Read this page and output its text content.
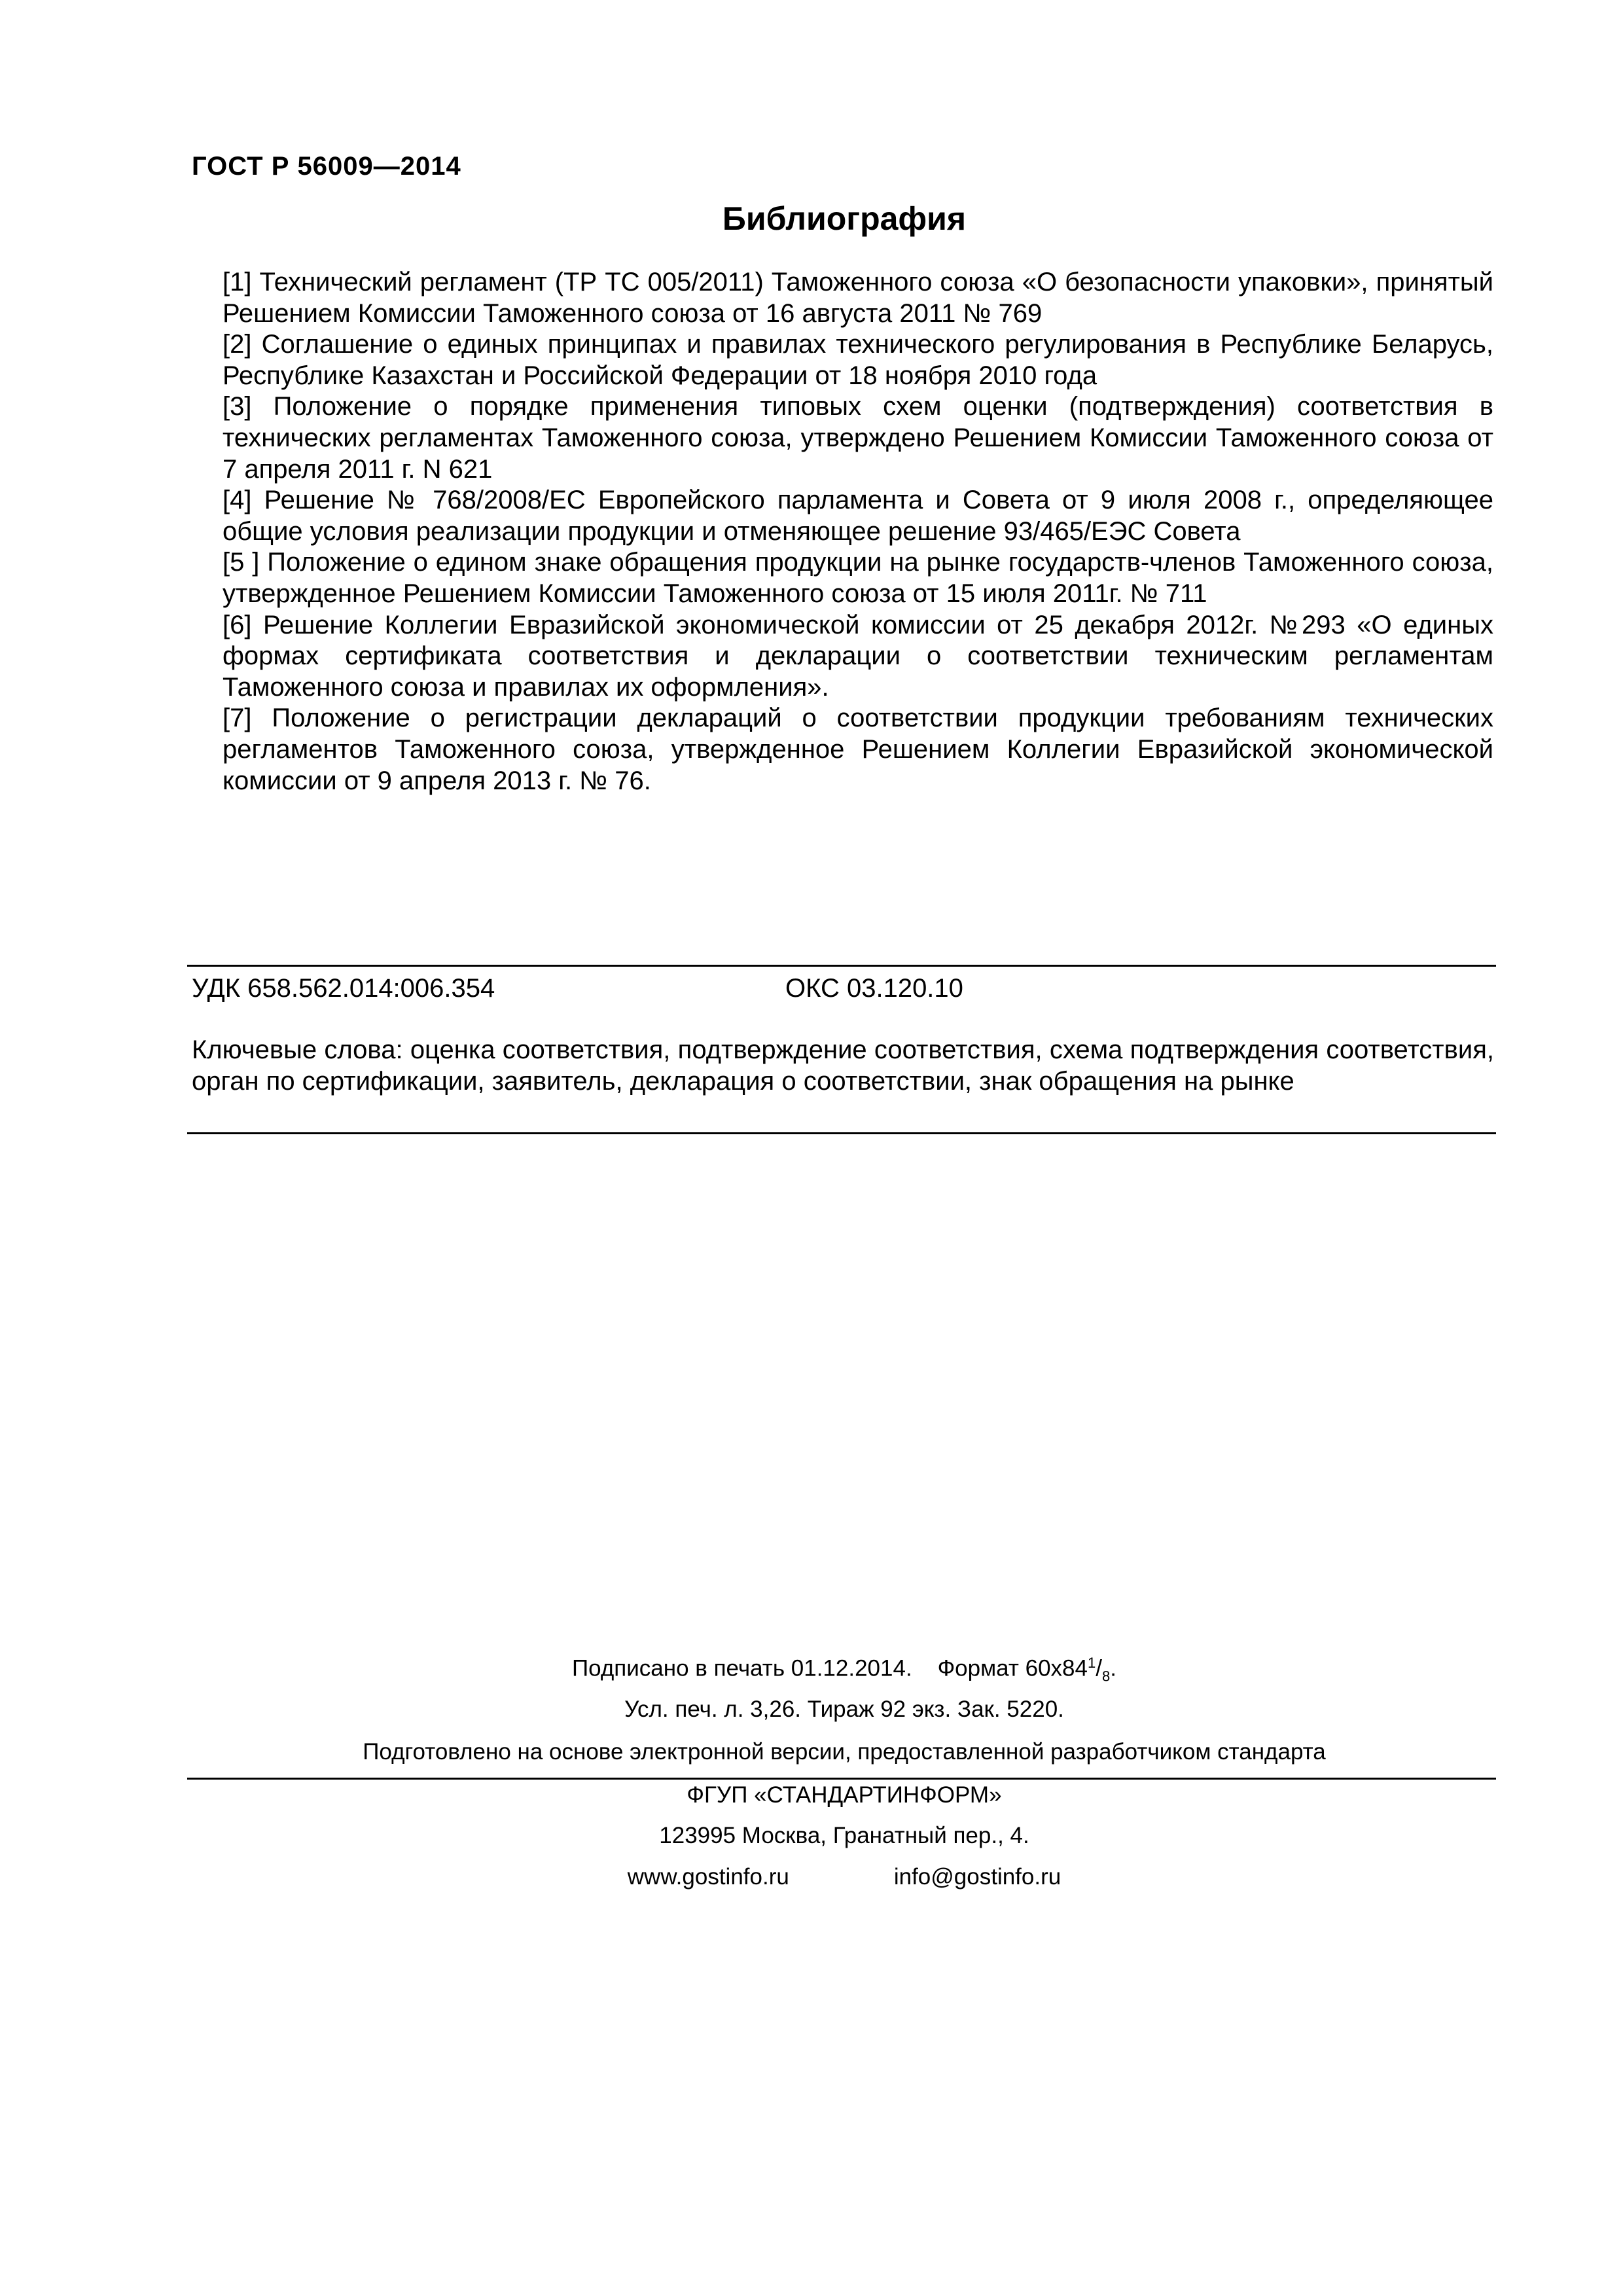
ГОСТ Р 56009—2014
Библиография

[1] Технический регламент (ТР ТС 005/2011) Таможенного союза «О безопасности упаковки», принятый Решением Комиссии Таможенного союза от 16 августа 2011 № 769

[2] Соглашение о единых принципах и правилах технического регулирования в Республике Беларусь, Республике Казахстан и Российской Федерации от 18 ноября 2010 года

[3] Положение о порядке применения типовых схем оценки (подтверждения) соответствия в технических регламентах Таможенного союза, утверждено Решением Комиссии Таможенного союза от 7 апреля 2011 г. N 621

[4] Решение № 768/2008/ЕС Европейского парламента и Совета от 9 июля 2008 г., определяющее общие условия реализации продукции и отменяющее решение 93/465/ЕЭС Совета

[5 ] Положение о едином знаке обращения продукции на рынке государств-членов Таможенного союза, утвержденное Решением Комиссии Таможенного союза от 15 июля 2011г. № 711

[6] Решение Коллегии Евразийской экономической комиссии от 25 декабря 2012г. №293 «О единых формах сертификата соответствия и декларации о соответствии техническим регламентам Таможенного союза и правилах их оформления».

[7] Положение о регистрации деклараций о соответствии продукции требованиям технических регламентов Таможенного союза, утвержденное Решением Коллегии Евразийской экономической комиссии от 9 апреля 2013 г. № 76.

УДК 658.562.014:006.354	ОКС 03.120.10
Ключевые слова: оценка соответствия, подтверждение соответствия, схема подтверждения соответствия, орган по сертификации, заявитель, декларация о соответствии, знак обращения на рынке
Подписано в печать 01.12.2014. Формат $60x84^1/_8$.
Усл. печ. л. 3,26. Тираж 92 экз. Зак. 5220.
Подготовлено на основе электронной версии, предоставленной разработчиком стандарта
ФГУП «СТАНДАРТИНФОРМ»
123995 Москва, Гранатный пер., 4.
www.gostinfo.ru	info@gostinfo.ru
